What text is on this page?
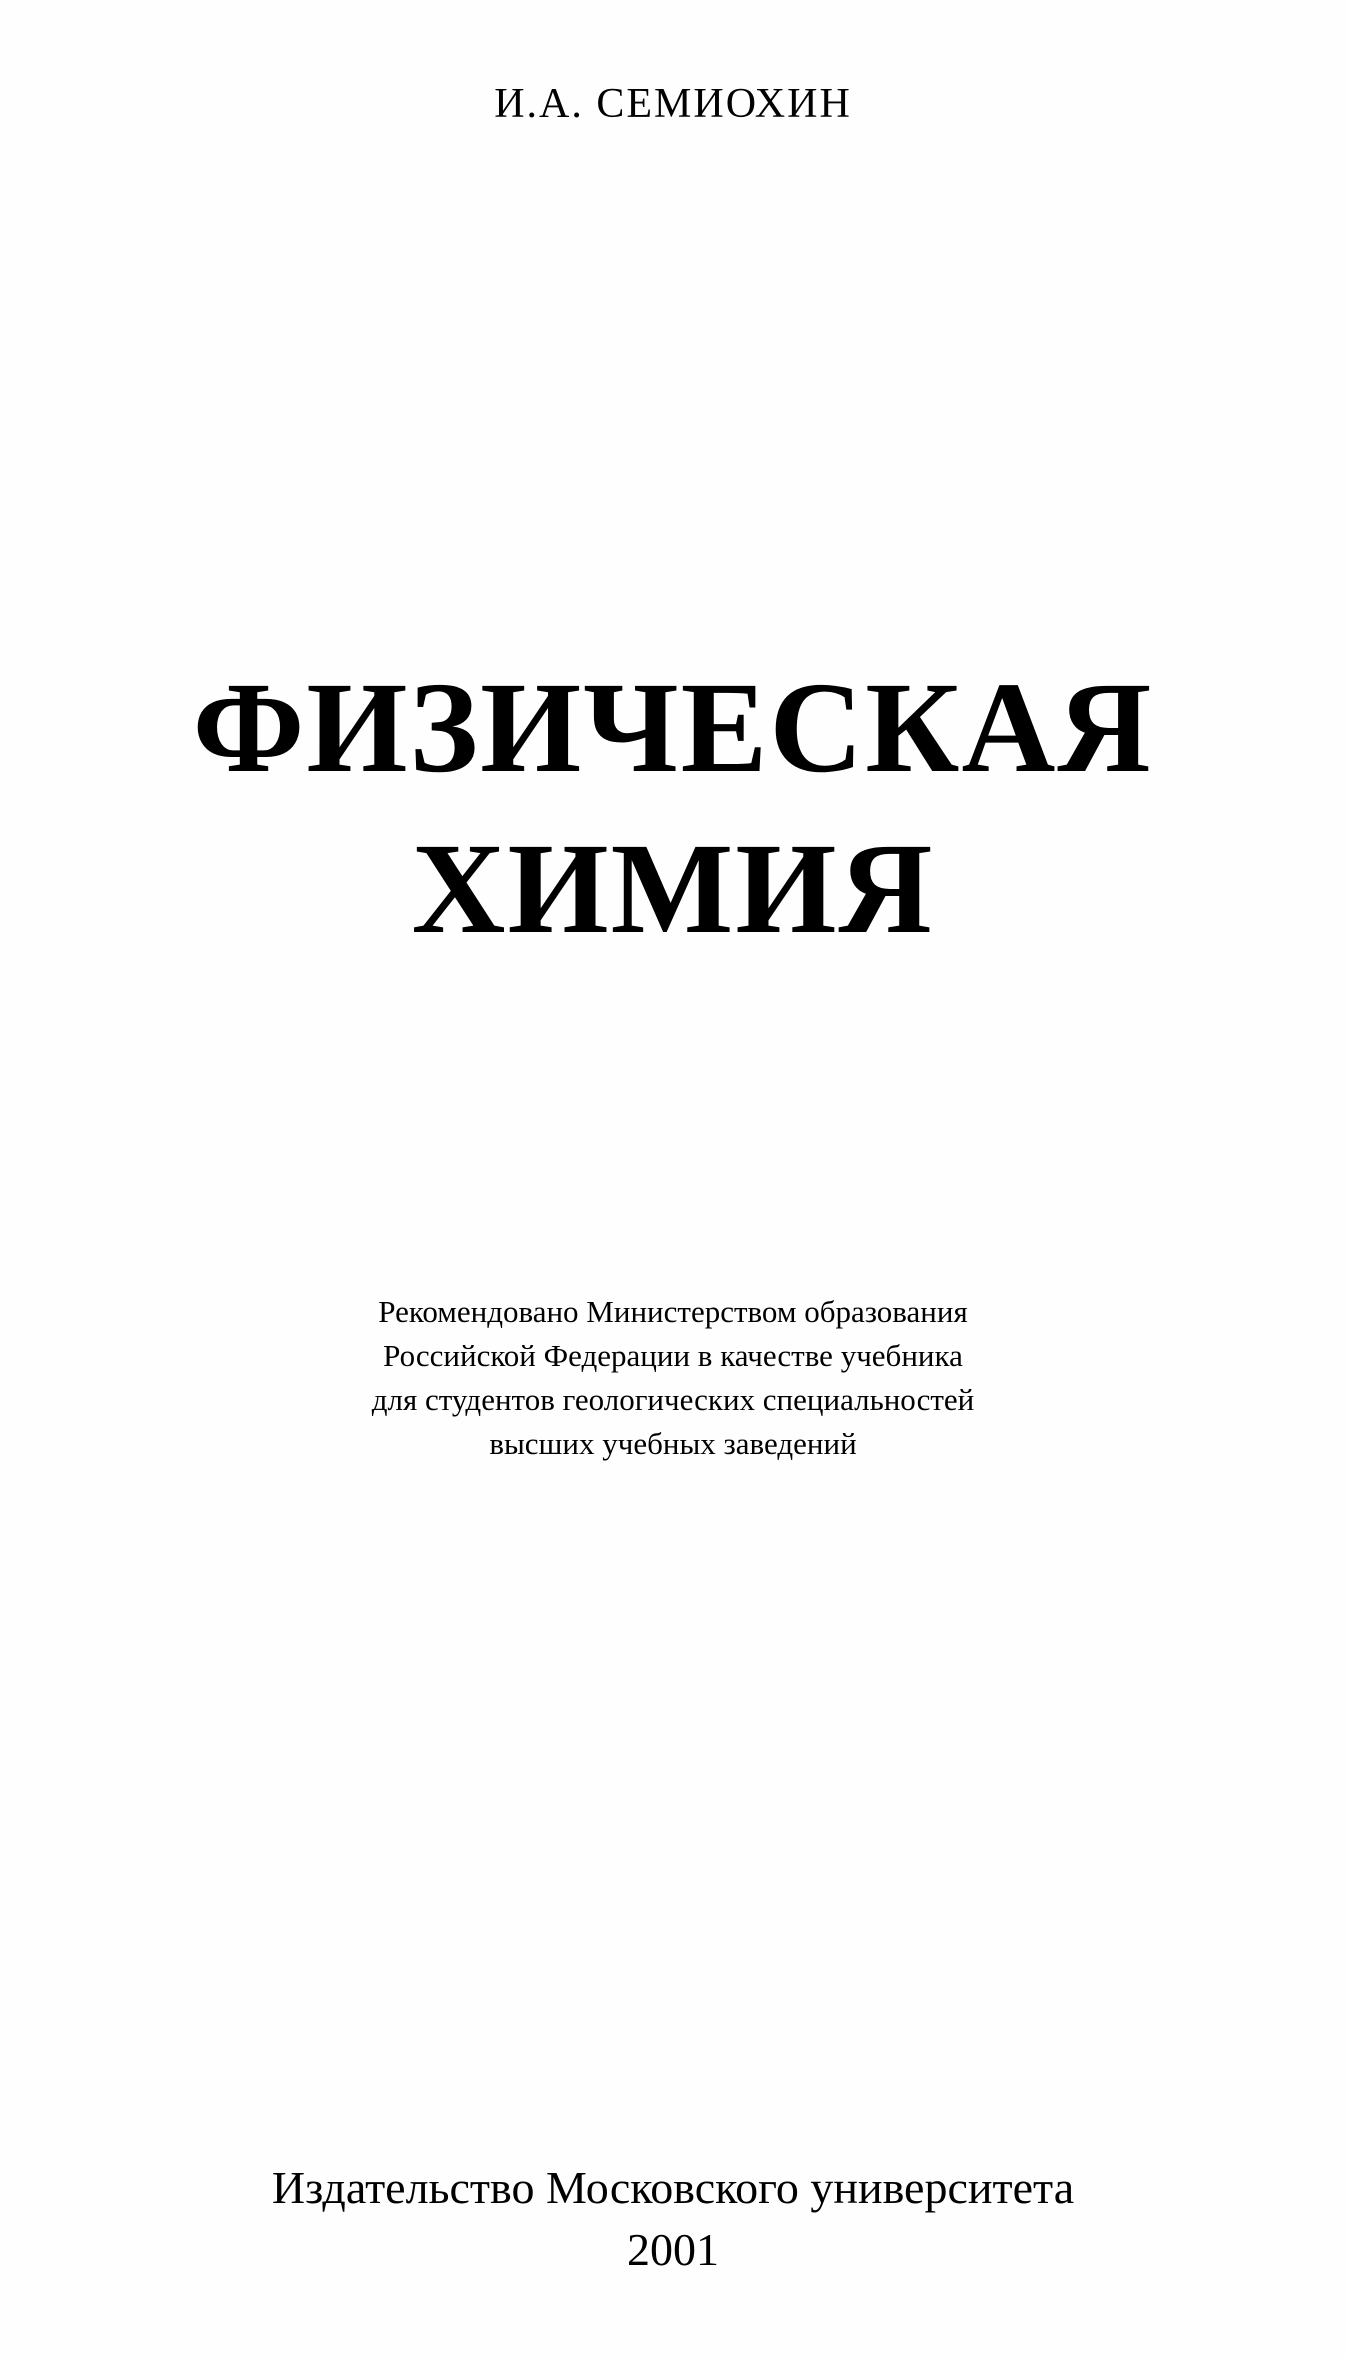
И.А. СЕМИОХИН
ФИЗИЧЕСКАЯ
ХИМИЯ
Рекомендовано Министерством образования
Российской Федерации в качестве учебника
для студентов геологических специальностей
высших учебных заведений
Издательство Московского университета
2001
